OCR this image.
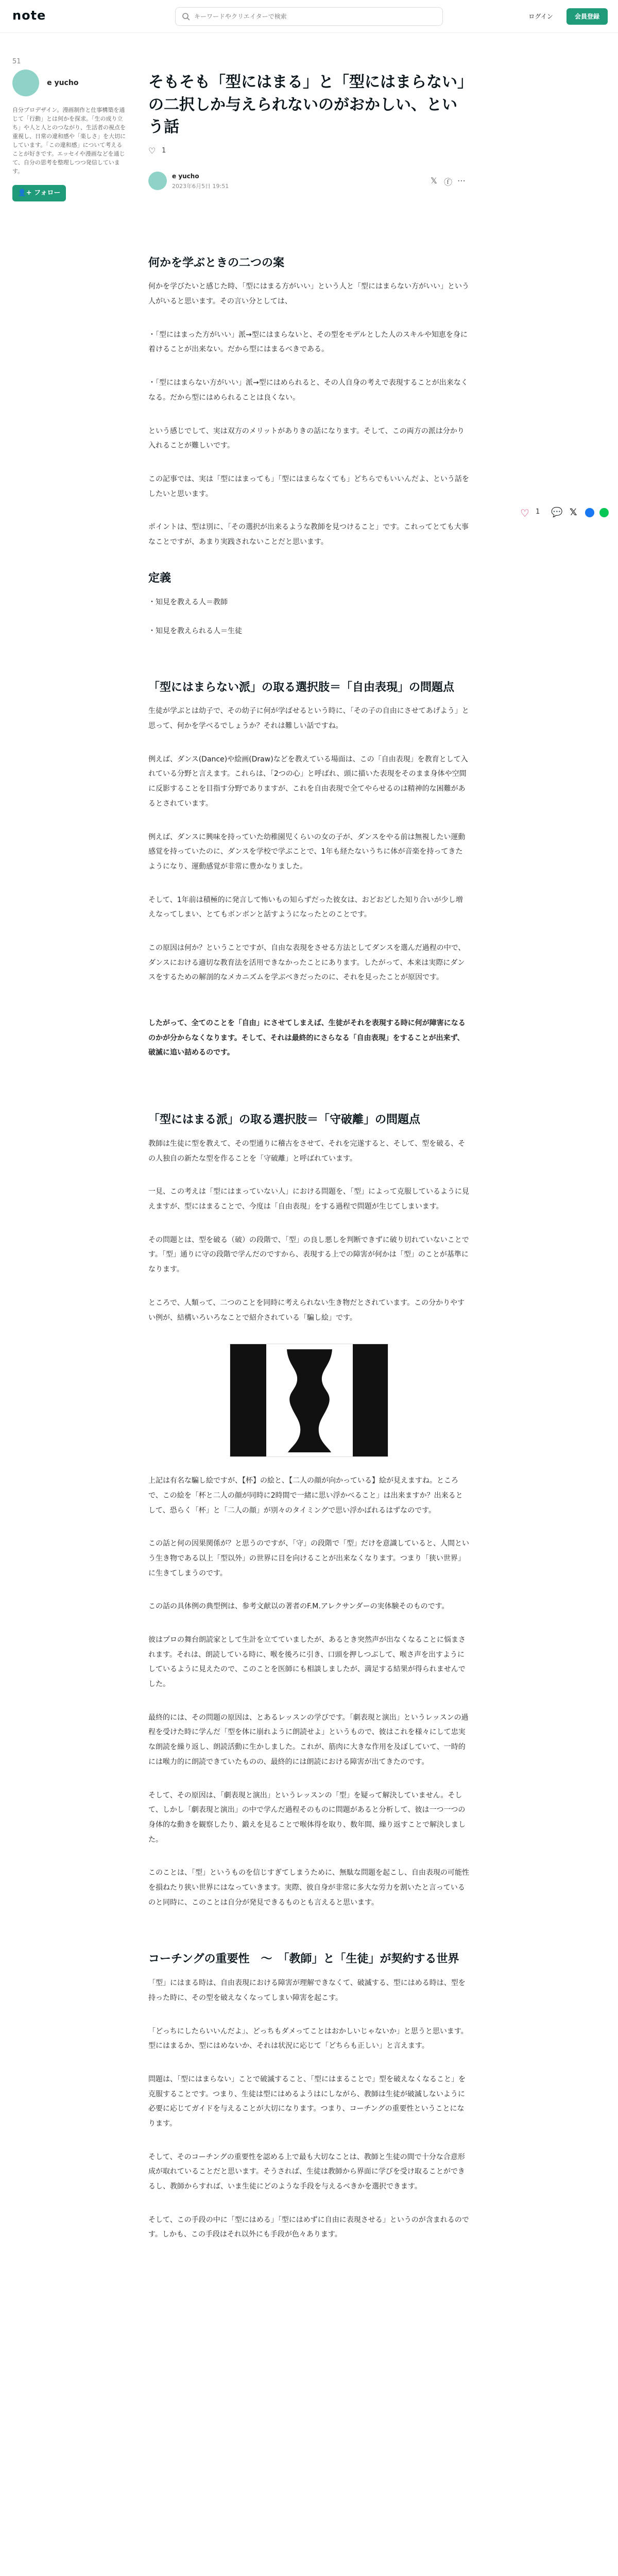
note
キーワードやクリエイターで検索	ログイン	会員登録
51
e yucho
自分プロデザイン。漫画制作と仕事構築を通じて「行動」とは何かを探求。「生の成り立ち」や人と人とのつながり、生活者の視点を重視し、日常の違和感や「楽しさ」を大切にしています。「この違和感」について考えることが好きです。エッセイや漫画などを通じて、自分の思考を整理しつつ発信しています。
👤+ フォロー
♡ 1 💬 𝕏
そもそも「型にはまる」と「型にはまらない」の二択しか与えられないのがおかしい、という話
♡ 1
e yucho
2023年6月5日 19:51
𝕏 ⓕ ⋯
何かを学ぶときの二つの案

何かを学びたいと感じた時、「型にはまる方がいい」という人と「型にはまらない方がいい」という人がいると思います。その言い分としては、

・「型にはまった方がいい」派→型にはまらないと、その型をモデルとした人のスキルや知恵を身に着けることが出来ない。だから型にはまるべきである。

・「型にはまらない方がいい」派→型にはめられると、その人自身の考えで表現することが出来なくなる。だから型にはめられることは良くない。

という感じでして、実は双方のメリットがありきの話になります。そして、この両方の派は分かり入れることが難しいです。

この記事では、実は「型にはまっても」「型にはまらなくても」どちらでもいいんだよ、という話をしたいと思います。

ポイントは、型は別に、「その選択が出来るような教師を見つけること」です。これってとても大事なことですが、あまり実践されないことだと思います。

定義
・知見を教える人＝教師
・知見を教えられる人＝生徒
「型にはまらない派」の取る選択肢＝「自由表現」の問題点

生徒が学ぶとは幼子で、その幼子に何が学ばせるという時に、「その子の自由にさせてあげよう」と思って、何かを学べるでしょうか？それは難しい話ですね。

例えば、ダンス(Dance)や絵画(Draw)などを教えている場面は、この「自由表現」を教育として入れている分野と言えます。これらは、「2つの心」と呼ばれ、頭に描いた表現をそのまま身体や空間に反影することを目指す分野でありますが、これを自由表現で全てやらせるのは精神的な困難があるとされています。

例えば、ダンスに興味を持っていた幼稚園児くらいの女の子が、ダンスをやる前は無視したい運動感覚を持っていたのに、ダンスを学校で学ぶことで、1年も経たないうちに体が音楽を持ってきたようになり、運動感覚が非常に豊かなりました。

そして、1年前は積極的に発言して怖いもの知らずだった彼女は、おどおどした知り合いが少し増えなってしまい、とてもボンボンと話すようになったとのことです。

この原因は何か？ということですが、自由な表現をさせる方法としてダンスを選んだ過程の中で、ダンスにおける適切な教育法を活用できなかったことにあります。したがって、本来は実際にダンスをするための解剖的なメカニズムを学ぶべきだったのに、それを見ったことが原因です。

したがって、全てのことを「自由」にさせてしまえば、生徒がそれを表現する時に何が障害になるのかが分からなくなります。そして、それは最終的にさらなる「自由表現」をすることが出来ず、破滅に追い詰めるのです。

「型にはまる派」の取る選択肢＝「守破離」の問題点

教師は生徒に型を教えて、その型通りに稽古をさせて、それを完遂すると、そして、型を破る、その人独自の新たな型を作ることを「守破離」と呼ばれています。

一見、この考えは「型にはまっていない人」における問題を、「型」によって克服しているように見えますが、型にはまることで、今度は「自由表現」をする過程で問題が生じてしまいます。

その問題とは、型を破る（破）の段階で、「型」の良し悪しを判断できずに破り切れていないことです。「型」通りに守の段階で学んだのですから、表現する上での障害が何かは「型」のことが基準になります。

ところで、人類って、二つのことを同時に考えられない生き物だとされています。この分かりやすい例が、結構いろいろなことで紹介されている「騙し絵」です。

上記は有名な騙し絵ですが、【杯】の絵と、【二人の顔が向かっている】絵が見えますね。ところで、この絵を「杯と二人の顔が同時に2時間で一緒に思い浮かべること」は出来ますか？出来るとして、恐らく「杯」と「二人の顔」が別々のタイミングで思い浮かばれるはずなのです。

この話と何の因果関係が？と思うのですが、「守」の段階で「型」だけを意識していると、人間という生き物である以上「型以外」の世界に目を向けることが出来なくなります。つまり「狭い世界」に生きてしまうのです。

この話の具体例の典型例は、参考文献以の著者のF.M.アレクサンダーの実体験そのものです。

彼はプロの舞台朗読家として生計を立てていましたが、あるとき突然声が出なくなることに悩まされます。それは、朗読している時に、喉を後ろに引き、口頭を押しつぶして、喉さ声を出すようにしているように見えたので、このことを医師にも相談しましたが、満足する結果が得られませんでした。

最終的には、その問題の原因は、とあるレッスンの学びです。「劇表現と演出」というレッスンの過程を受けた時に学んだ「型を体に崩れように朗読せよ」というもので、彼はこれを様々にして忠実な朗読を繰り返し、朗読活動に生かしました。これが、筋肉に大きな作用を及ぼしていて、一時的には喉力的に朗読できていたものの、最終的には朗読における障害が出てきたのです。

そして、その原因は、「劇表現と演出」というレッスンの「型」を疑って解決していません。そして、しかし「劇表現と演出」の中で学んだ過程そのものに問題があると分析して、彼は一つ一つの身体的な動きを観察したり、鍛えを見ることで喉体得を取り、数年間、繰り返すことで解決しました。

このことは、「型」というものを信じすぎてしまうために、無駄な問題を起こし、自由表現の可能性を損ねたり狭い世界にはなっていきます。実際、彼自身が非常に多大な労力を割いたと言っているのと同時に、このことは自分が発見できるものとも言えると思います。

コーチングの重要性　〜　「教師」と「生徒」が契約する世界

「型」にはまる時は、自由表現における障害が理解できなくて、破滅する、型にはめる時は、型を持った時に、その型を破えなくなってしまい障害を起こす。

「どっちにしたらいいんだよ」、どっちもダメってことはおかしいじゃないか」と思うと思います。型にはまるか、型にはめないか、それは状況に応じて「どちらも正しい」と言えます。

問題は、「型にはまらない」ことで破滅すること、「型にはまることで」型を破えなくなること」を克服することです。つまり、生徒は型にはめるようはにしながら、教師は生徒が破滅しないように必要に応じてガイドを与えることが大切になります。つまり、コーチングの重要性ということになります。

そして、そのコーチングの重要性を認める上で最も大切なことは、教師と生徒の間で十分な合意形成が取れていることだと思います。そうされば、生徒は教師から界面に学びを受け取ることができるし、教師からすれば、いま生徒にどのような手段を与えるべきかを選択できます。

そして、この手段の中に「型にはめる」「型にはめずに自由に表現させる」というのが含まれるのです。しかも、この手段はそれ以外にも手段が色々あります。
